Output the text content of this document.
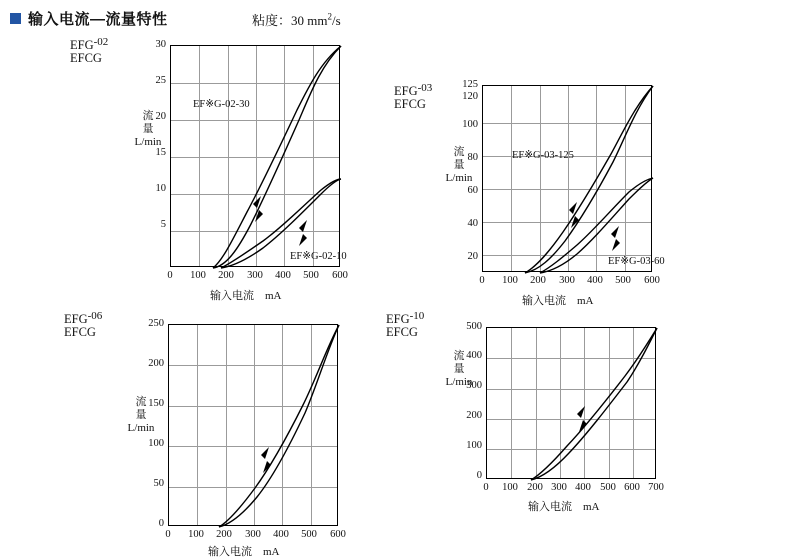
输入电流—流量特性	粘度：30 $mm^2/s$
EFG-02
EFCG
流
量
L/min
30
25
20
15
10
5
0	100	200	300	400	500	600
输入电流　mA
EF※G-02-30
EF※G-02-10
EFG-03
EFCG
流
量
L/min
125
120
100
80
60
40
20
0	100	200	300	400	500	600
输入电流　mA
EF※G-03-125
EF※G-03-60
EFG-06
EFCG
流
量
L/min
250
200
150
100
50
0
0	100	200	300	400	500	600
输入电流　mA
EFG-10
EFCG
流
量
L/min
500
400
300
200
100
0
0	100 200 300 400 500 600 700
输入电流　mA
